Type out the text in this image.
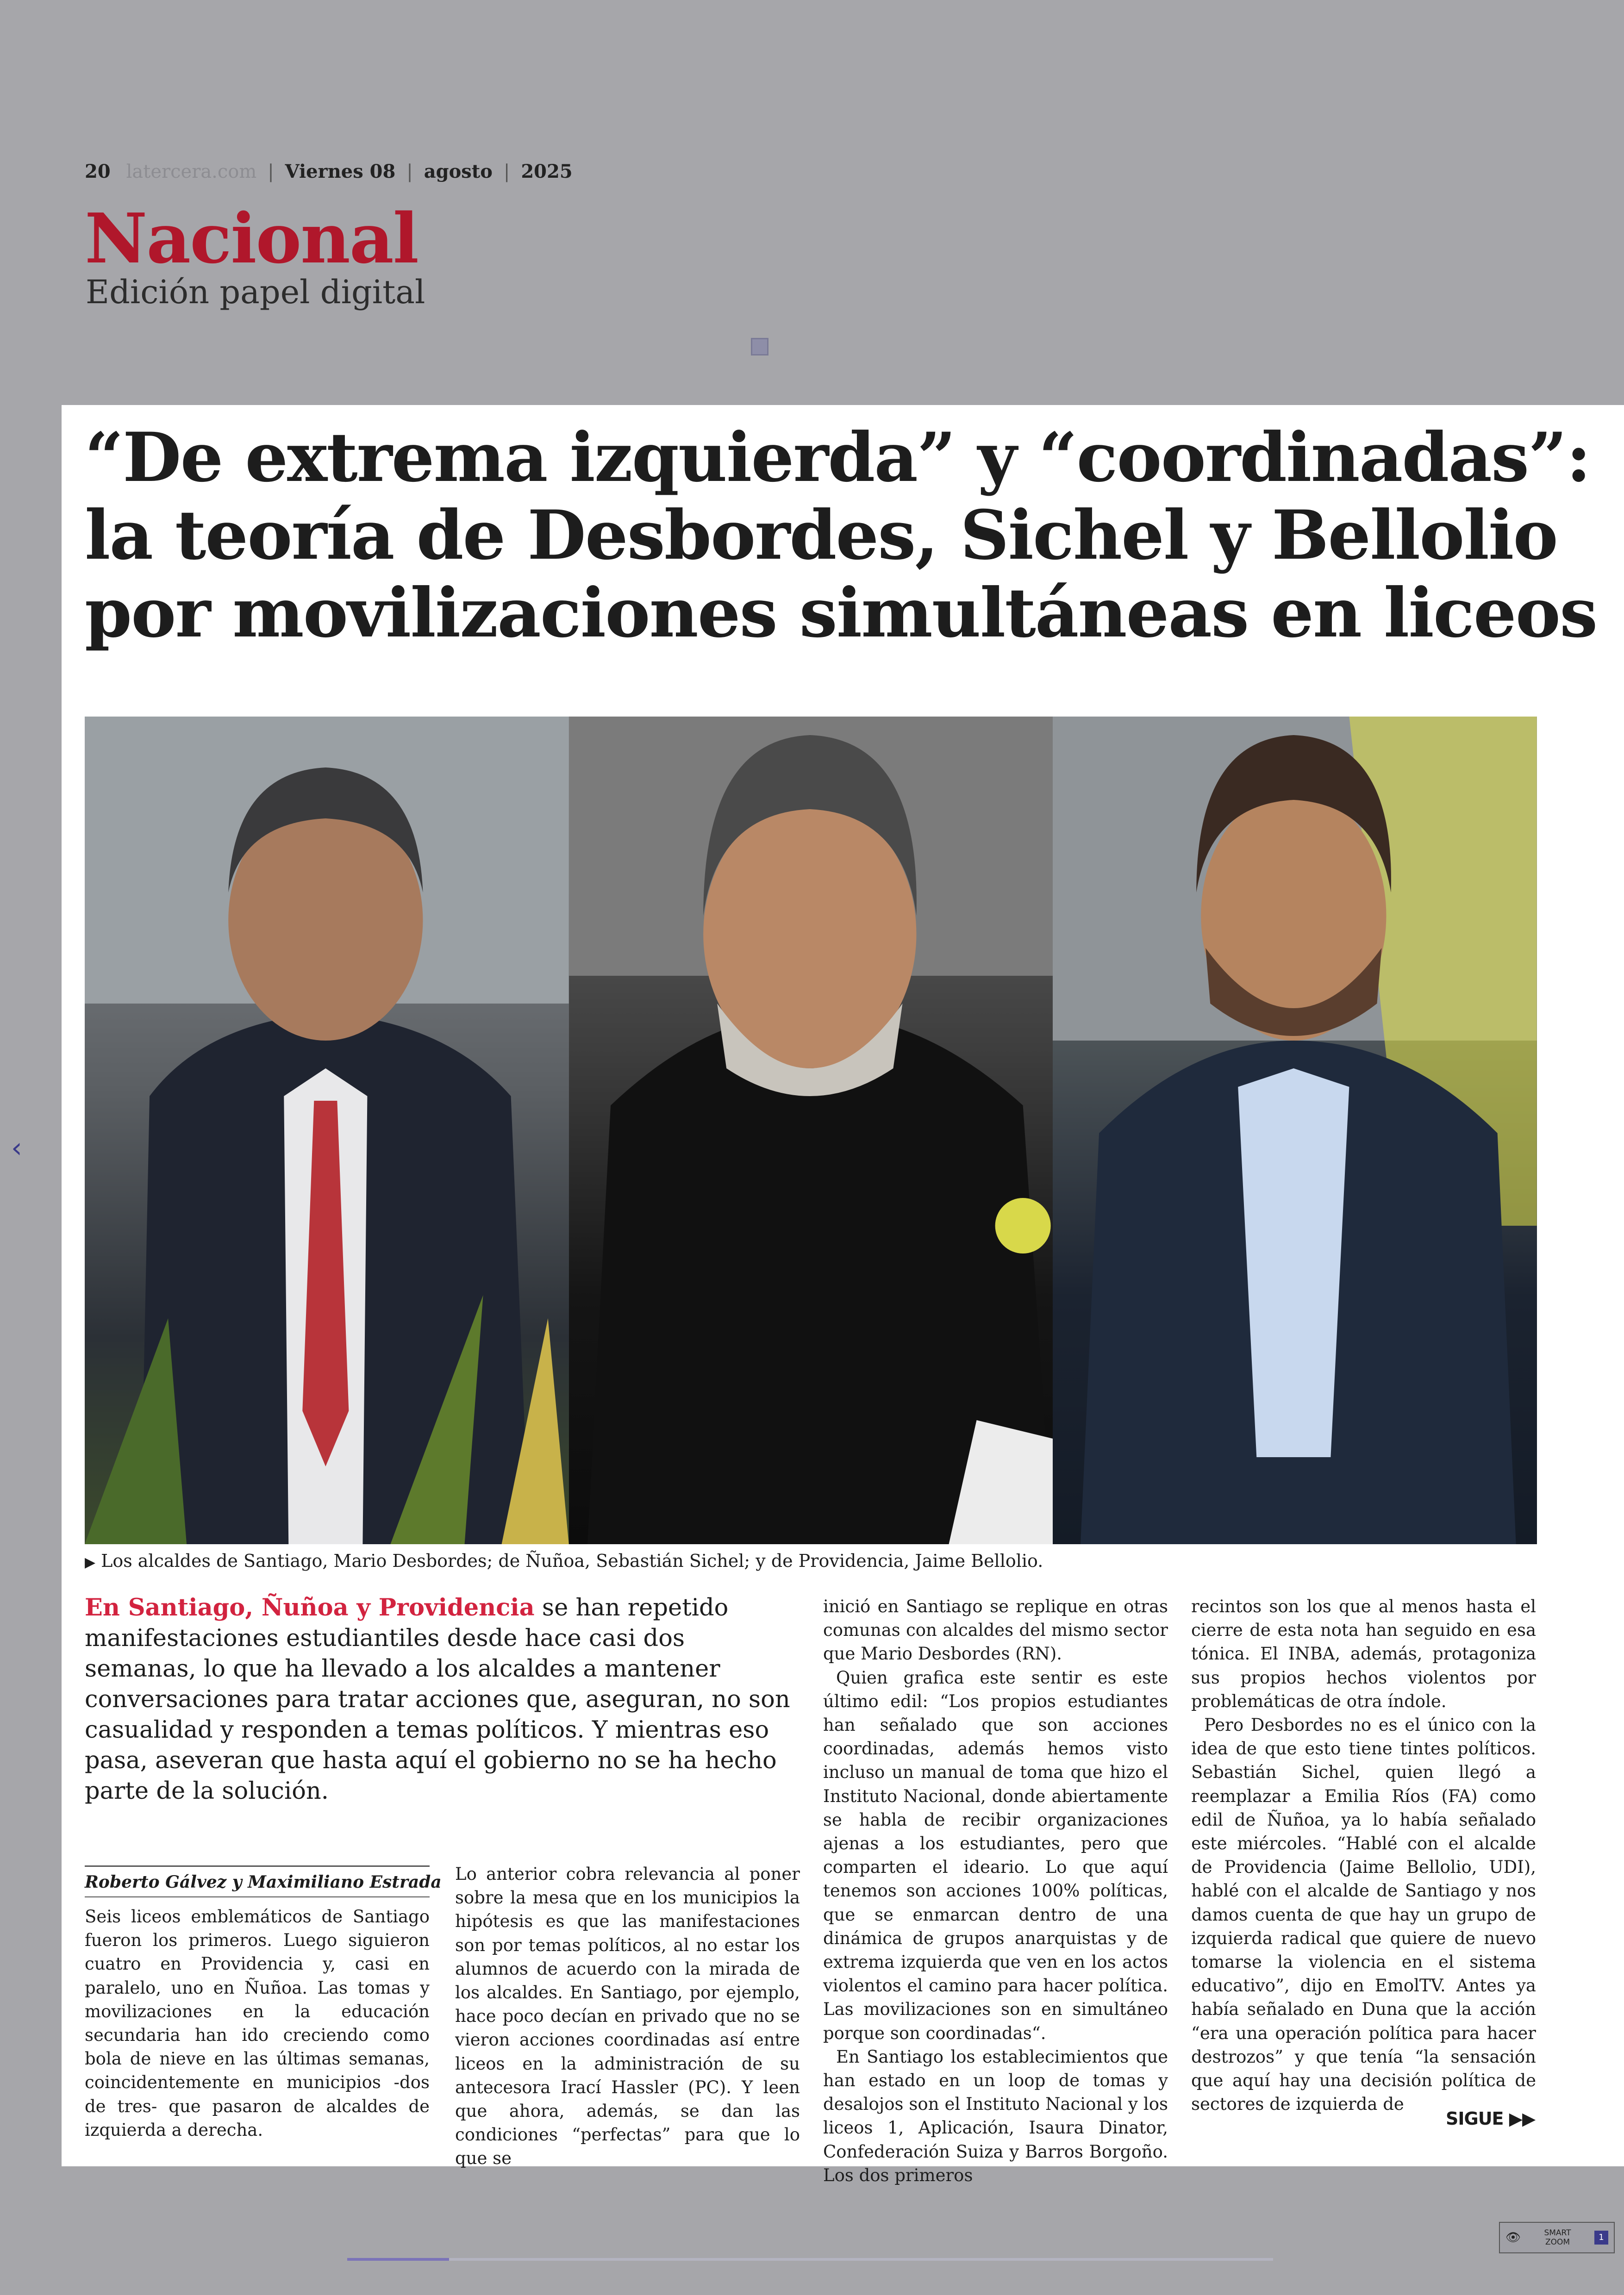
20 latercera.com | Viernes 08 | agosto | 2025
Nacional
Edición papel digital
‹
“De extrema izquierda” y “coordinadas”:
la teoría de Desbordes, Sichel y Bellolio
por movilizaciones simultáneas en liceos
▶ Los alcaldes de Santiago, Mario Desbordes; de Ñuñoa, Sebastián Sichel; y de Providencia, Jaime Bellolio.
En Santiago, Ñuñoa y Providencia se han repetido manifestaciones estudiantiles desde hace casi dos semanas, lo que ha llevado a los alcaldes a mantener conversaciones para tratar acciones que, aseguran, no son casualidad y responden a temas políticos. Y mientras eso pasa, aseveran que hasta aquí el gobierno no se ha hecho parte de la solución.
Roberto Gálvez y Maximiliano Estrada

Seis liceos emblemáticos de Santiago fueron los primeros. Luego siguieron cuatro en Providencia y, casi en paralelo, uno en Ñuñoa. Las tomas y movilizaciones en la educación secundaria han ido creciendo como bola de nieve en las últimas semanas, coincidentemente en municipios -dos de tres- que pasaron de alcaldes de izquierda a derecha.

Lo anterior cobra relevancia al poner sobre la mesa que en los municipios la hipótesis es que las manifestaciones son por temas políticos, al no estar los alumnos de acuerdo con la mirada de los alcaldes. En Santiago, por ejemplo, hace poco decían en privado que no se vieron acciones coordinadas así entre liceos en la administración de su antecesora Irací Hassler (PC). Y leen que ahora, además, se dan las condiciones “perfectas” para que lo que se

inició en Santiago se replique en otras comunas con alcaldes del mismo sector que Mario Desbordes (RN).

Quien grafica este sentir es este último edil: “Los propios estudiantes han señalado que son acciones coordinadas, además hemos visto incluso un manual de toma que hizo el Instituto Nacional, donde abiertamente se habla de recibir organizaciones ajenas a los estudiantes, pero que comparten el ideario. Lo que aquí tenemos son acciones 100% políticas, que se enmarcan dentro de una dinámica de grupos anarquistas y de extrema izquierda que ven en los actos violentos el camino para hacer política. Las movilizaciones son en simultáneo porque son coordinadas“.

En Santiago los establecimientos que han estado en un loop de tomas y desalojos son el Instituto Nacional y los liceos 1, Aplicación, Isaura Dinator, Confederación Suiza y Barros Borgoño. Los dos primeros

recintos son los que al menos hasta el cierre de esta nota han seguido en esa tónica. El INBA, además, protagoniza sus propios hechos violentos por problemáticas de otra índole.

Pero Desbordes no es el único con la idea de que esto tiene tintes políticos. Sebastián Sichel, quien llegó a reemplazar a Emilia Ríos (FA) como edil de Ñuñoa, ya lo había señalado este miércoles. “Hablé con el alcalde de Providencia (Jaime Bellolio, UDI), hablé con el alcalde de Santiago y nos damos cuenta de que hay un grupo de izquierda radical que quiere de nuevo tomarse la violencia en el sistema educativo”, dijo en EmolTV. Antes ya había señalado en Duna que la acción “era una operación política para hacer destrozos” y que tenía “la sensación que aquí hay una decisión política de sectores de izquierda de

SIGUE ▶▶
👁	SMART ZOOM	1
